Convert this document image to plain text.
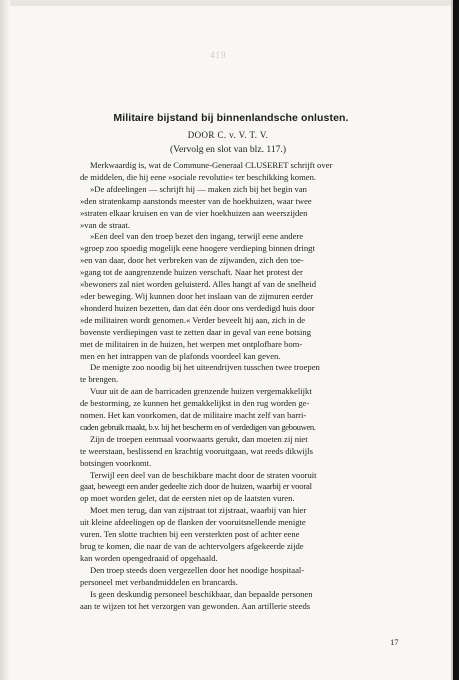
419
Militaire bijstand bij binnenlandsche onlusten.
DOOR C. v. V. T. V.
(Vervolg en slot van blz. 117.)
Merkwaardig is, wat de Commune-Generaal CLUSERET schrijft over
de middelen, die hij eene »sociale revolutie« ter beschikking komen.
»De afdeelingen — schrijft hij — maken zich bij het begin van
»den stratenkamp aanstonds meester van de hoekhuizen, waar twee
»straten elkaar kruisen en van de vier hoekhuizen aan weerszijden
»van de straat.
»Een deel van den troep bezet den ingang, terwijl eene andere
»groep zoo spoedig mogelijk eene hoogere verdieping binnen dringt
»en van daar, door het verbreken van de zijwanden, zich den toe-
»gang tot de aangrenzende huizen verschaft. Naar het protest der
»bewoners zal niet worden geluisterd. Alles hangt af van de snelheid
»der beweging. Wij kunnen door het inslaan van de zijmuren eerder
»honderd huizen bezetten, dan dat één door ons verdedigd huis door
»de militairen wordt genomen.« Verder beveelt hij aan, zich in de
bovenste verdiepingen vast te zetten daar in geval van eene botsing
met de militairen in de huizen, het werpen met ontplofbare bom-
men en het intrappen van de plafonds voordeel kan geven.
De menigte zoo noodig bij het uiteendrijven tusschen twee troepen
te brengen.
Vuur uit de aan de barricaden grenzende huizen vergemakkelijkt
de bestorming, ze kunnen het gemakkelijkst in den rug worden ge-
nomen. Het kan voorkomen, dat de militaire macht zelf van barri-
caden gebruik maakt, b.v. bij het bescherm en of verdedigen van gebouwen.
Zijn de troepen eenmaal voorwaarts gerukt, dan moeten zij niet
te weerstaan, beslissend en krachtig vooruitgaan, wat reeds dikwijls
botsingen voorkomt.
Terwijl een deel van de beschikbare macht door de straten vooruit
gaat, beweegt een ander gedeelte zich door de huizen, waarbij er vooral
op moet worden gelet, dat de eersten niet op de laatsten vuren.
Moet men terug, dan van zijstraat tot zijstraat, waarbij van hier
uit kleine afdeelingen op de flanken der vooruitsnellende menigte
vuren. Ten slotte trachten bij een versterkten post of achter eene
brug te komen, die naar de van de achtervolgers afgekeerde zijde
kan worden opengedraaid of opgehaald.
Den troep steeds doen vergezellen door het noodige hospitaal-
personeel met verbandmiddelen en brancards.
Is geen deskundig personeel beschikbaar, dan bepaalde personen
aan te wijzen tot het verzorgen van gewonden. Aan artillerie steeds
17
